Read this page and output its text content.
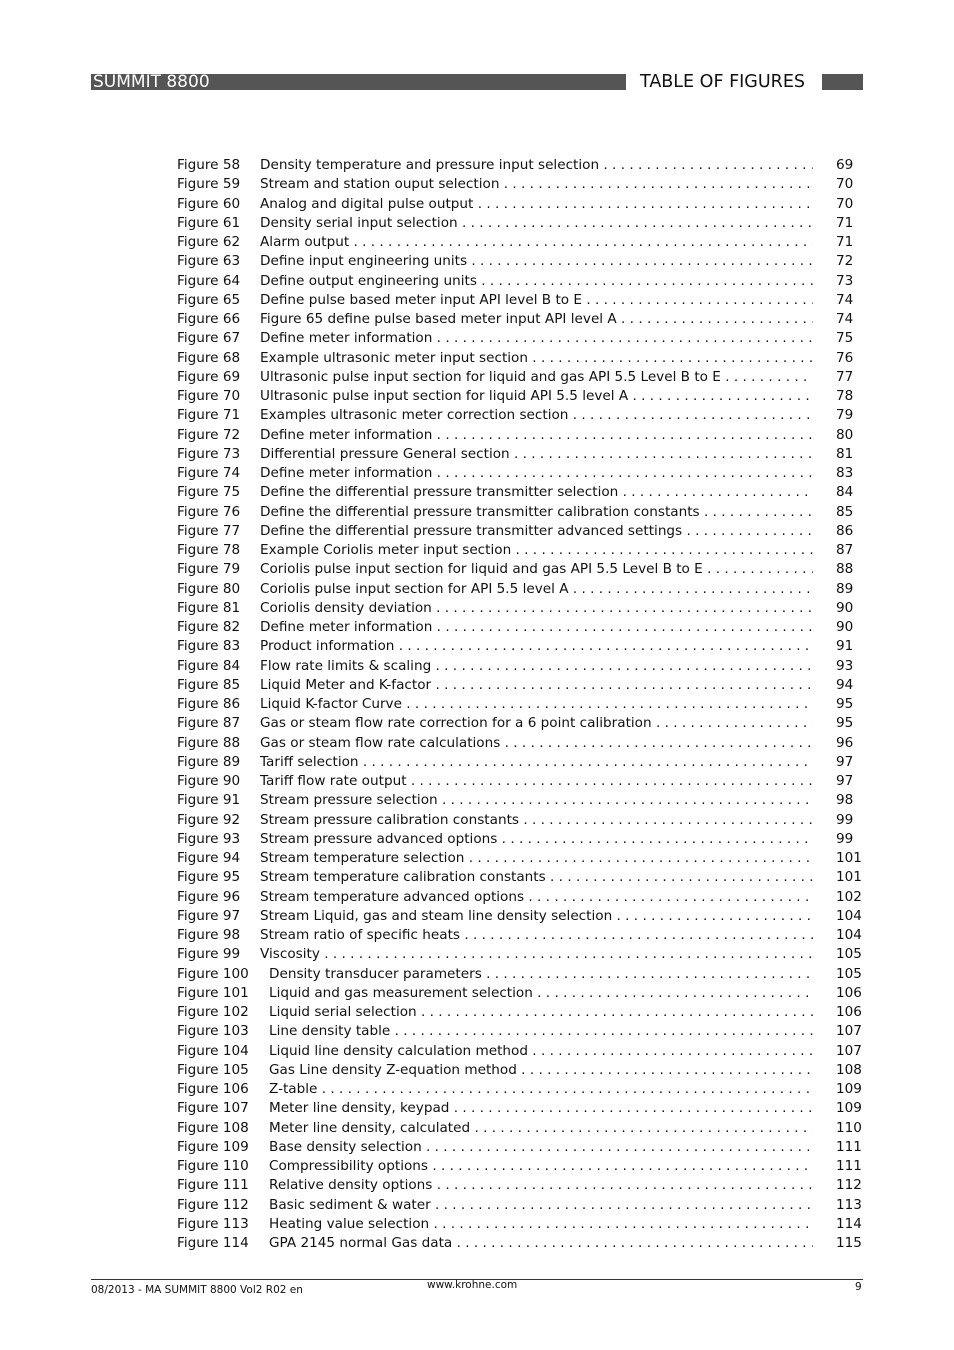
SUMMIT 8800	TABLE OF FIGURES
Figure 58 Density temperature and pressure input selection . . .	69
Figure 59 Stream and station ouput selection . . .	70
Figure 60 Analog and digital pulse output . . .	70
Figure 61 Density serial input selection . . .	71
Figure 62 Alarm output . . .	71
Figure 63 Define input engineering units . . .	72
Figure 64 Define output engineering units . . .	73
Figure 65 Define pulse based meter input API level B to E . . .	74
Figure 66 Figure 65 define pulse based meter input API level A . . .	74
Figure 67 Define meter information . . .	75
Figure 68 Example ultrasonic meter input section . . .	76
Figure 69 Ultrasonic pulse input section for liquid and gas API 5.5 Level B to E . . .	77
Figure 70 Ultrasonic pulse input section for liquid API 5.5 level A . . .	78
Figure 71 Examples ultrasonic meter correction section . . .	79
Figure 72 Define meter information . . .	80
Figure 73 Differential pressure General section . . .	81
Figure 74 Define meter information . . .	83
Figure 75 Define the differential pressure transmitter selection . . .	84
Figure 76 Define the differential pressure transmitter calibration constants . . .	85
Figure 77 Define the differential pressure transmitter advanced settings . . .	86
Figure 78 Example Coriolis meter input section . . .	87
Figure 79 Coriolis pulse input section for liquid and gas API 5.5 Level B to E . . .	88
Figure 80 Coriolis pulse input section for API 5.5 level A . . .	89
Figure 81 Coriolis density deviation . . .	90
Figure 82 Define meter information . . .	90
Figure 83 Product information . . .	91
Figure 84 Flow rate limits & scaling . . .	93
Figure 85 Liquid Meter and K-factor . . .	94
Figure 86 Liquid K-factor Curve . . .	95
Figure 87 Gas or steam flow rate correction for a 6 point calibration . . .	95
Figure 88 Gas or steam flow rate calculations . . .	96
Figure 89 Tariff selection . . .	97
Figure 90 Tariff flow rate output . . .	97
Figure 91 Stream pressure selection . . .	98
Figure 92 Stream pressure calibration constants . . .	99
Figure 93 Stream pressure advanced options . . .	99
Figure 94 Stream temperature selection . . .	101
Figure 95 Stream temperature calibration constants . . .	101
Figure 96 Stream temperature advanced options . . .	102
Figure 97 Stream Liquid, gas and steam line density selection . . .	104
Figure 98 Stream ratio of specific heats . . .	104
Figure 99 Viscosity . . .	105
Figure 100 Density transducer parameters . . .	105
Figure 101 Liquid and gas measurement selection . . .	106
Figure 102 Liquid serial selection . . .	106
Figure 103 Line density table . . .	107
Figure 104 Liquid line density calculation method . . .	107
Figure 105 Gas Line density Z-equation method . . .	108
Figure 106 Z-table . . .	109
Figure 107 Meter line density, keypad . . .	109
Figure 108 Meter line density, calculated . . .	110
Figure 109 Base density selection . . .	111
Figure 110 Compressibility options . . .	111
Figure 111 Relative density options . . .	112
Figure 112 Basic sediment & water . . .	113
Figure 113 Heating value selection . . .	114
Figure 114 GPA 2145 normal Gas data . . .	115
08/2013 - MA SUMMIT 8800 Vol2 R02 en	www.krohne.com	9
